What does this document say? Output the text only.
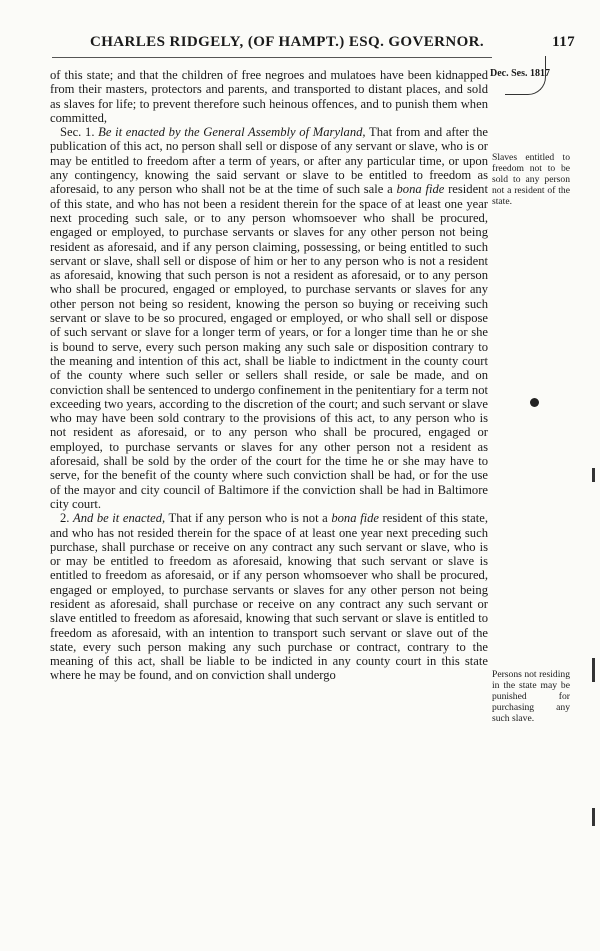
CHARLES RIDGELY, (OF HAMPT.) ESQ. GOVERNOR.	117
Dec. Ses. 1817

of this state; and that the children of free negroes and mulatoes have been kidnapped from their masters, protectors and parents, and transported to distant places, and sold as slaves for life; to prevent therefore such heinous offences, and to punish them when committed,

Sec. 1. Be it enacted by the General Assembly of Maryland, That from and after the publication of this act, no person shall sell or dispose of any servant or slave, who is or may be entitled to freedom after a term of years, or after any particular time, or upon any contingency, knowing the said servant or slave to be entitled to freedom as aforesaid, to any person who shall not be at the time of such sale a bona fide resident of this state, and who has not been a resident therein for the space of at least one year next proceding such sale, or to any person whomsoever who shall be procured, engaged or employed, to purchase servants or slaves for any other person not being resident as aforesaid, and if any person claiming, possessing, or being entitled to such servant or slave, shall sell or dispose of him or her to any person who is not a resident as aforesaid, knowing that such person is not a resident as aforesaid, or to any person who shall be procured, engaged or employed, to purchase servants or slaves for any other person not being so resident, knowing the person so buying or receiving such servant or slave to be so procured, engaged or employed, or who shall sell or dispose of such servant or slave for a longer term of years, or for a longer time than he or she is bound to serve, every such person making any such sale or disposition contrary to the meaning and intention of this act, shall be liable to indictment in the county court of the county where such seller or sellers shall reside, or sale be made, and on conviction shall be sentenced to undergo confinement in the penitentiary for a term not exceeding two years, according to the discretion of the court; and such servant or slave who may have been sold contrary to the provisions of this act, to any person who is not resident as aforesaid, or to any person who shall be procured, engaged or employed, to purchase servants or slaves for any other person not a resident as aforesaid, shall be sold by the order of the court for the time he or she may have to serve, for the benefit of the county where such conviction shall be had, or for the use of the mayor and city council of Baltimore if the conviction shall be had in Baltimore city court.

2. And be it enacted, That if any person who is not a bona fide resident of this state, and who has not resided therein for the space of at least one year next preceding such purchase, shall purchase or receive on any contract any such servant or slave, who is or may be entitled to freedom as aforesaid, knowing that such servant or slave is entitled to freedom as aforesaid, or if any person whomsoever who shall be procured, engaged or employed, to purchase servants or slaves for any other person not being resident as aforesaid, shall purchase or receive on any contract any such servant or slave entitled to freedom as aforesaid, knowing that such servant or slave is entitled to freedom as aforesaid, with an intention to transport such servant or slave out of the state, every such person making any such purchase or contract, contrary to the meaning of this act, shall be liable to be indicted in any county court in this state where he may be found, and on conviction shall undergo

Slaves entitled to freedom not to be sold to any person not a resident of the state.
Persons not residing in the state may be punished for purchasing any such slave.
